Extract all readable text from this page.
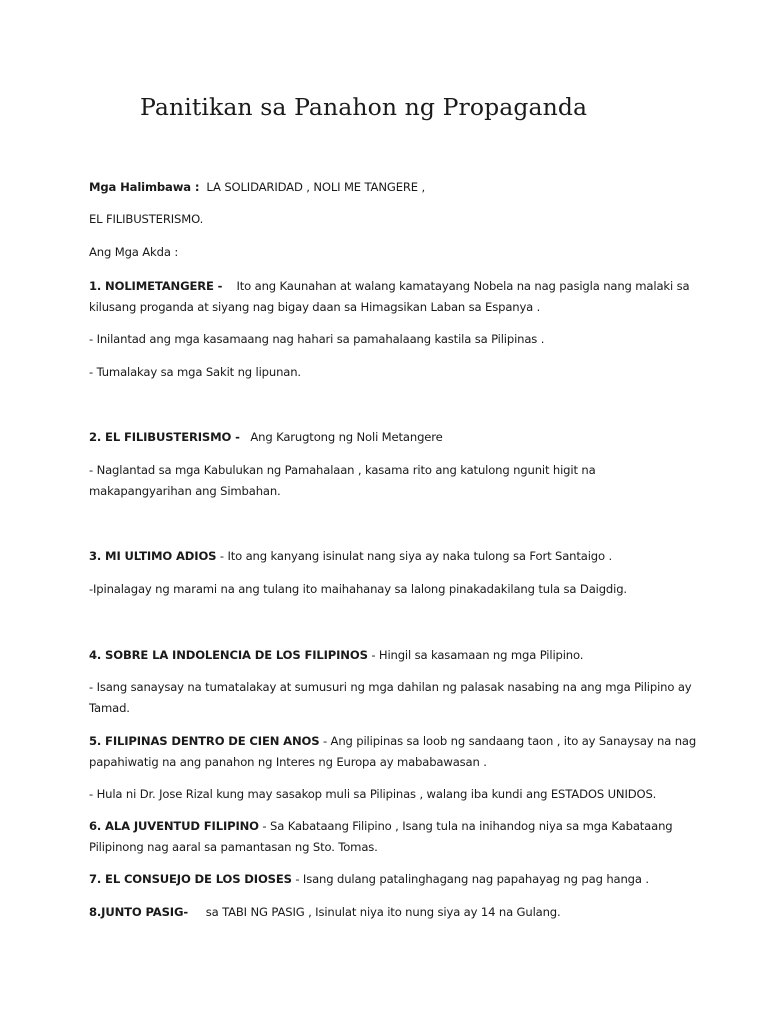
Panitikan sa Panahon ng Propaganda

Mga Halimbawa : LA SOLIDARIDAD , NOLI ME TANGERE ,

EL FILIBUSTERISMO.

Ang Mga Akda :

1. NOLIMETANGERE - Ito ang Kaunahan at walang kamatayang Nobela na nag pasigla nang malaki sa

kilusang proganda at siyang nag bigay daan sa Himagsikan Laban sa Espanya .

- Inilantad ang mga kasamaang nag hahari sa pamahalaang kastila sa Pilipinas .

- Tumalakay sa mga Sakit ng lipunan.

2. EL FILIBUSTERISMO - Ang Karugtong ng Noli Metangere

- Naglantad sa mga Kabulukan ng Pamahalaan , kasama rito ang katulong ngunit higit na

makapangyarihan ang Simbahan.

3. MI ULTIMO ADIOS - Ito ang kanyang isinulat nang siya ay naka tulong sa Fort Santaigo .

-Ipinalagay ng marami na ang tulang ito maihahanay sa lalong pinakadakilang tula sa Daigdig.

4. SOBRE LA INDOLENCIA DE LOS FILIPINOS - Hingil sa kasamaan ng mga Pilipino.

- Isang sanaysay na tumatalakay at sumusuri ng mga dahilan ng palasak nasabing na ang mga Pilipino ay

Tamad.

5. FILIPINAS DENTRO DE CIEN ANOS - Ang pilipinas sa loob ng sandaang taon , ito ay Sanaysay na nag

papahiwatig na ang panahon ng Interes ng Europa ay mababawasan .

- Hula ni Dr. Jose Rizal kung may sasakop muli sa Pilipinas , walang iba kundi ang ESTADOS UNIDOS.

6. ALA JUVENTUD FILIPINO - Sa Kabataang Filipino , Isang tula na inihandog niya sa mga Kabataang

Pilipinong nag aaral sa pamantasan ng Sto. Tomas.

7. EL CONSUEJO DE LOS DIOSES - Isang dulang patalinghagang nag papahayag ng pag hanga .

8.JUNTO PASIG- sa TABI NG PASIG , Isinulat niya ito nung siya ay 14 na Gulang.
